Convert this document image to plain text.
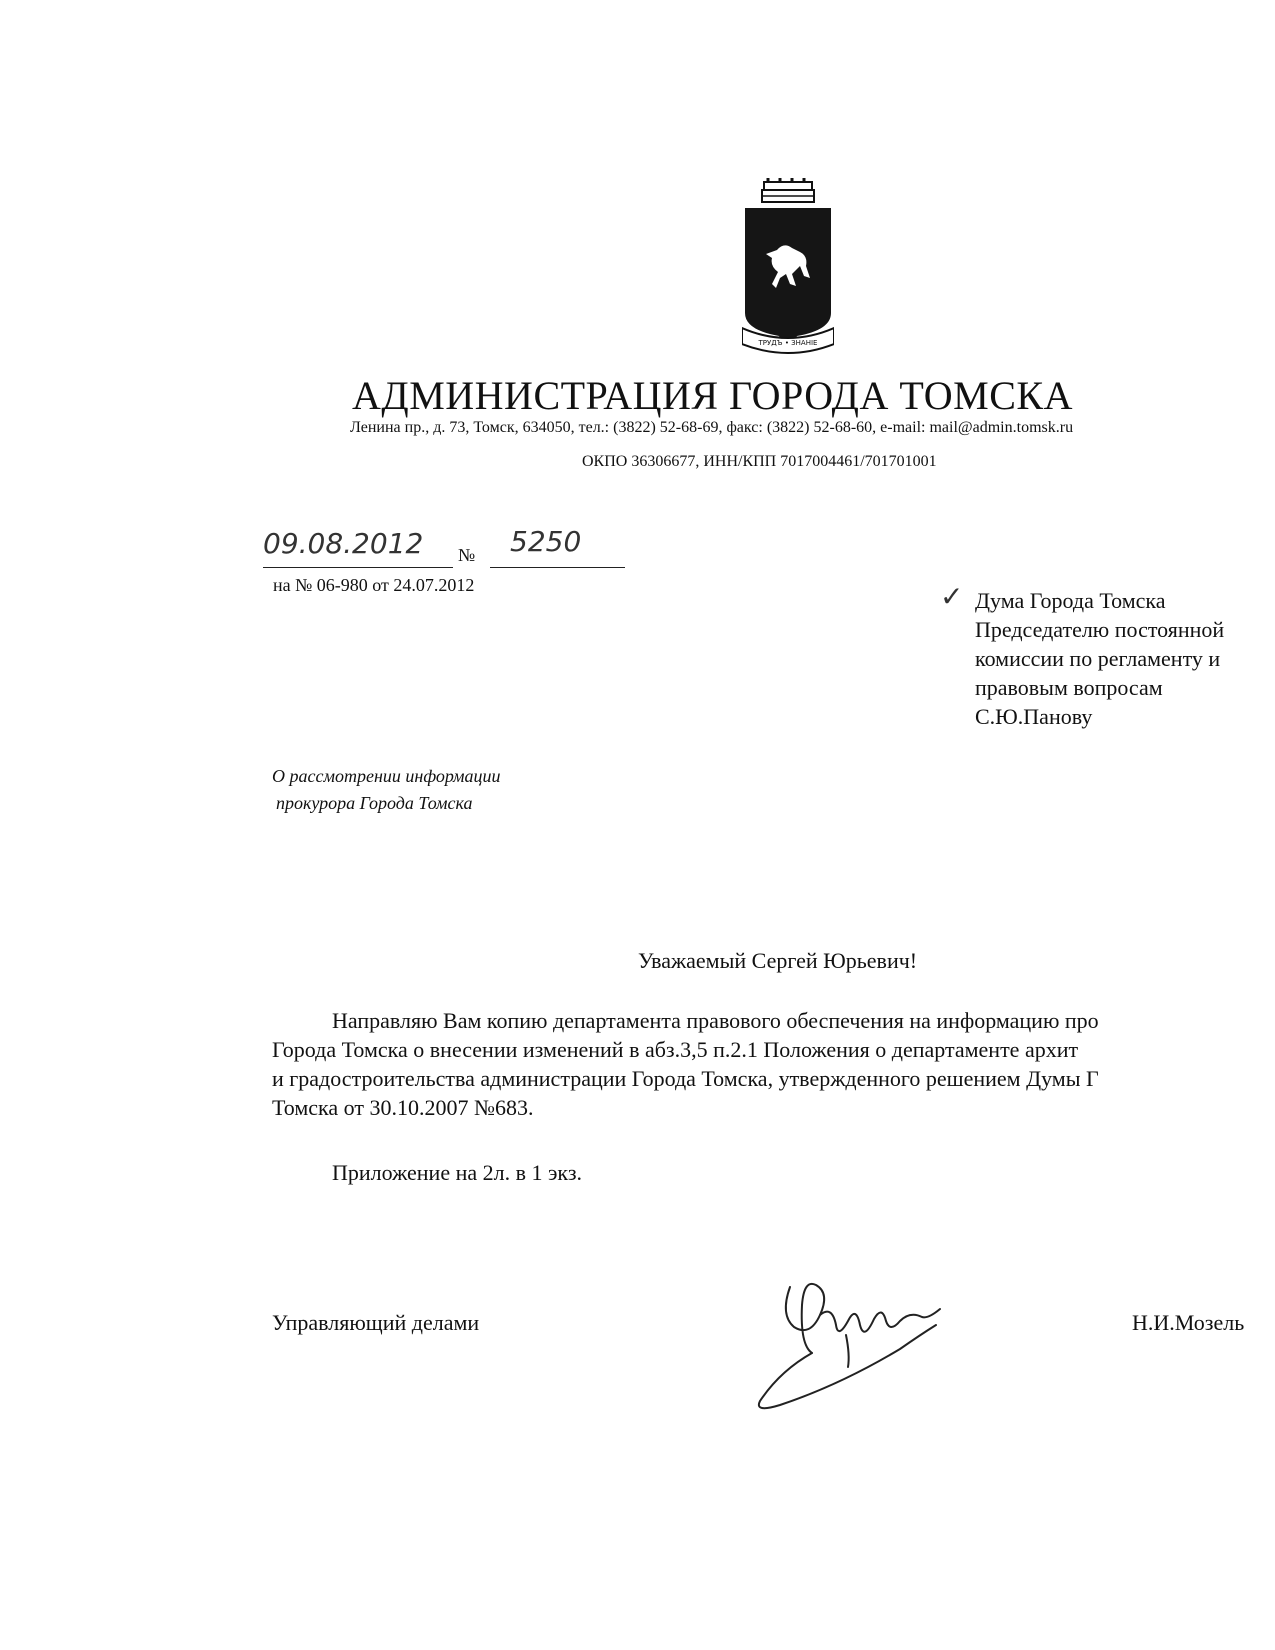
ТРУДЪ • ЗНАНIЕ
АДМИНИСТРАЦИЯ ГОРОДА ТОМСКА
Ленина пр., д. 73, Томск, 634050, тел.: (3822) 52-68-69, факс: (3822) 52-68-60, e-mail: mail@admin.tomsk.ru
ОКПО 36306677, ИНН/КПП 7017004461/701701001
09.08.2012 № 5250
на № 06-980 от 24.07.2012	✓ Дума Города Томска
Председателю постоянной
комиссии по регламенту и
правовым вопросам
С.Ю.Панову
О рассмотрении информации
прокурора Города Томска
Уважаемый Сергей Юрьевич!
Направляю Вам копию департамента правового обеспечения на информацию про
Города Томска о внесении изменений в абз.3,5 п.2.1 Положения о департаменте архит
и градостроительства администрации Города Томска, утвержденного решением Думы Г
Томска от 30.10.2007 №683.
Приложение на 2л. в 1 экз.
Управляющий делами	Н.И.Мозель
